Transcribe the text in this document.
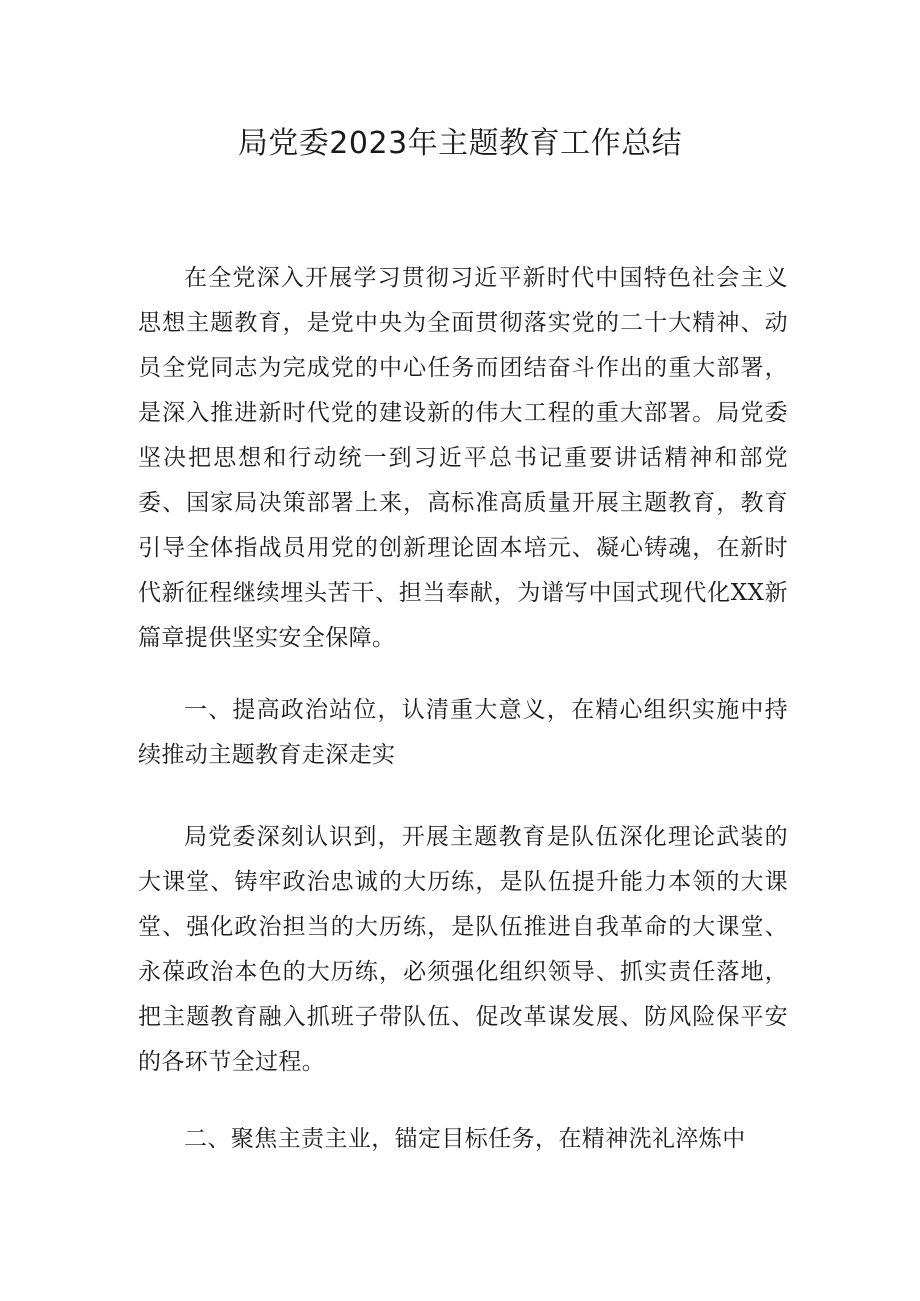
局党委2023年主题教育工作总结

在全党深入开展学习贯彻习近平新时代中国特色社会主义思想主题教育，是党中央为全面贯彻落实党的二十大精神、动员全党同志为完成党的中心任务而团结奋斗作出的重大部署，是深入推进新时代党的建设新的伟大工程的重大部署。局党委坚决把思想和行动统一到习近平总书记重要讲话精神和部党委、国家局决策部署上来，高标准高质量开展主题教育，教育引导全体指战员用党的创新理论固本培元、凝心铸魂，在新时代新征程继续埋头苦干、担当奉献，为谱写中国式现代化XX新篇章提供坚实安全保障。

一、提高政治站位，认清重大意义，在精心组织实施中持续推动主题教育走深走实

局党委深刻认识到，开展主题教育是队伍深化理论武装的大课堂、铸牢政治忠诚的大历练，是队伍提升能力本领的大课堂、强化政治担当的大历练，是队伍推进自我革命的大课堂、永葆政治本色的大历练，必须强化组织领导、抓实责任落地，把主题教育融入抓班子带队伍、促改革谋发展、防风险保平安的各环节全过程。

二、聚焦主责主业，锚定目标任务，在精神洗礼淬炼中
